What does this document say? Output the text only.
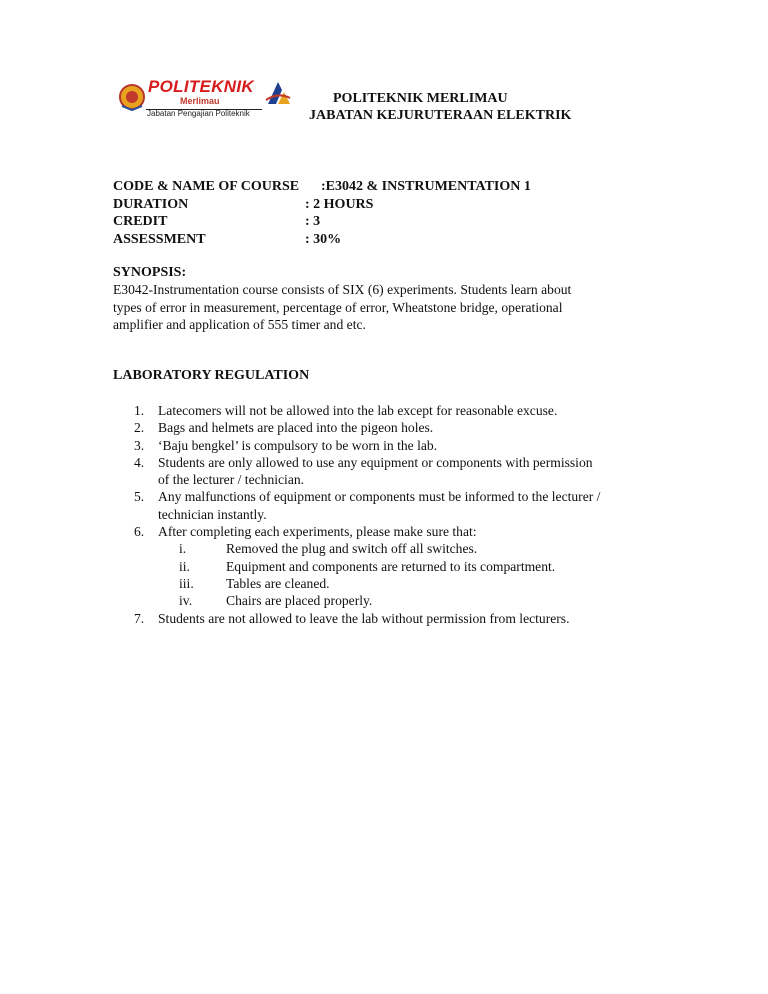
POLITEKNIK
Merlimau
Jabatan Pengajian Politeknik
POLITEKNIK MERLIMAU
JABATAN KEJURUTERAAN ELEKTRIK
CODE & NAME OF COURSE :E3042 & INSTRUMENTATION 1
DURATION	: 2 HOURS
CREDIT	: 3
ASSESSMENT	: 30%
SYNOPSIS:
E3042-Instrumentation course consists of SIX (6) experiments. Students learn about
types of error in measurement, percentage of error, Wheatstone bridge, operational
amplifier and application of 555 timer and etc.
LABORATORY REGULATION
1. Latecomers will not be allowed into the lab except for reasonable excuse.
2. Bags and helmets are placed into the pigeon holes.
3. ‘Baju bengkel’ is compulsory to be worn in the lab.
4. Students are only allowed to use any equipment or components with permission
of the lecturer / technician.
5. Any malfunctions of equipment or components must be informed to the lecturer /
technician instantly.
6. After completing each experiments, please make sure that:
i.	Removed the plug and switch off all switches.
ii.	Equipment and components are returned to its compartment.
iii. Tables are cleaned.
iv. Chairs are placed properly.
7. Students are not allowed to leave the lab without permission from lecturers.
